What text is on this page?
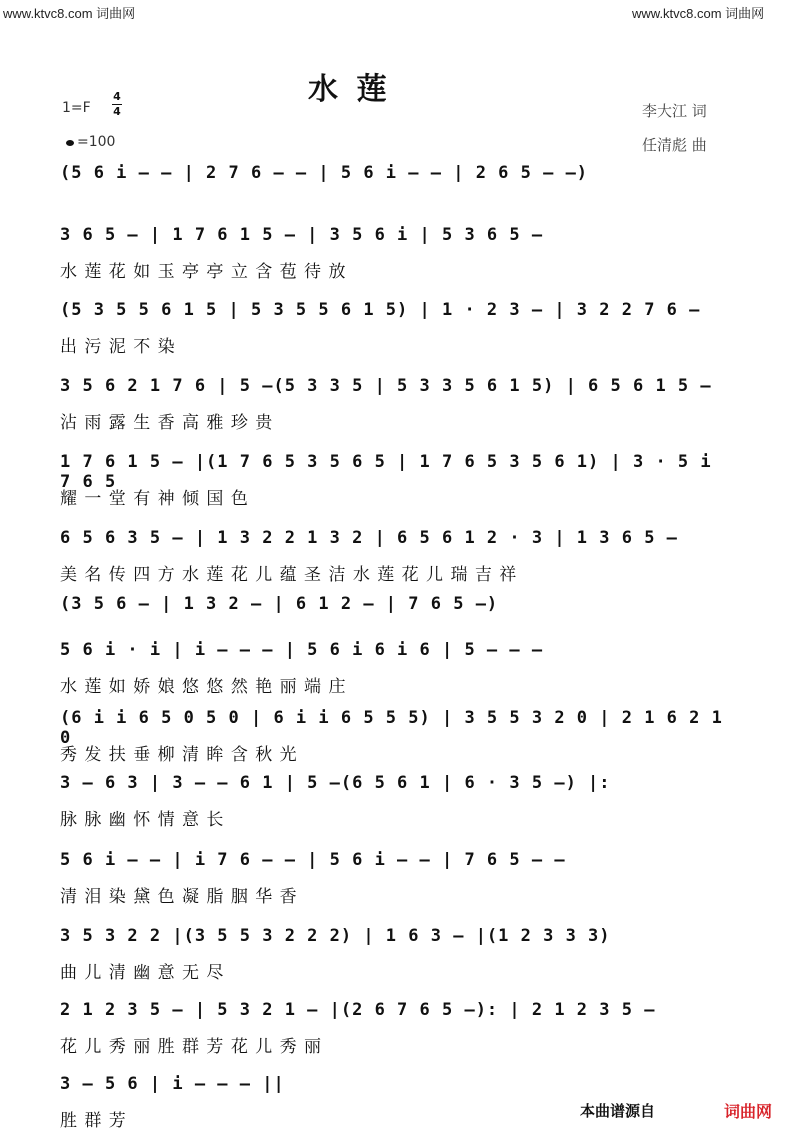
www.ktvc8.com 词曲网	www.ktvc8.com 词曲网
水 莲
1=F
4
4
=100
李大江 词
任清彪 曲
(5 6 i – – | 2 7 6 – – | 5 6 i – – | 2 6 5 – –)
3 6 5 – | 1 7 6 1 5 – | 3 5 6 i | 5 3 6 5 –
水 莲 花 如 玉 亭 亭 立 含 苞 待 放
(5 3 5 5 6 1 5 | 5 3 5 5 6 1 5) | 1 · 2 3 – | 3 2 2 7 6 –
出 污 泥 不 染
3 5 6 2 1 7 6 | 5 –(5 3 3 5 | 5 3 3 5 6 1 5) | 6 5 6 1 5 –
沾 雨 露 生 香 高 雅 珍 贵
1 7 6 1 5 – |(1 7 6 5 3 5 6 5 | 1 7 6 5 3 5 6 1) | 3 · 5 i 7 6 5
耀 一 堂 有 神 倾 国 色
6 5 6 3 5 – | 1 3 2 2 1 3 2 | 6 5 6 1 2 · 3 | 1 3 6 5 –
美 名 传 四 方 水 莲 花 儿 蕴 圣 洁 水 莲 花 儿 瑞 吉 祥
(3 5 6 – | 1 3 2 – | 6 1 2 – | 7 6 5 –)
5 6 i · i | i – – – | 5 6 i 6 i 6 | 5 – – –
水 莲 如 娇 娘 悠 悠 然 艳 丽 端 庄
(6 i i 6 5 0 5 0 | 6 i i 6 5 5 5) | 3 5 5 3 2 0 | 2 1 6 2 1 0
秀 发 扶 垂 柳 清 眸 含 秋 光
3 – 6 3 | 3 – – 6 1 | 5 –(6 5 6 1 | 6 · 3 5 –) |:
脉 脉 幽 怀 情 意 长
5 6 i – – | i 7 6 – – | 5 6 i – – | 7 6 5 – –
清 泪 染 黛 色 凝 脂 胭 华 香
3 5 3 2 2 |(3 5 5 3 2 2 2) | 1 6 3 – |(1 2 3 3 3)
曲 儿 清 幽 意 无 尽
2 1 2 3 5 – | 5 3 2 1 – |(2 6 7 6 5 –): | 2 1 2 3 5 –
花 儿 秀 丽 胜 群 芳 花 儿 秀 丽
3 – 5 6 | i – – – ||
胜 群 芳	本曲谱源自	词曲网
